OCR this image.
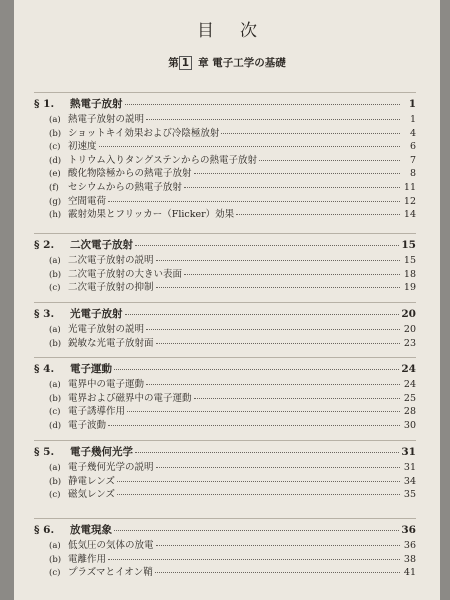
目次
第 1 章 電子工学の基礎
§ 1.	熱電子放射	1
(a) 熱電子放射の説明	1
(b) ショットキイ効果および冷陰極放射	4
(c) 初速度	6
(d) トリウム入りタングステンからの熱電子放射	7
(e) 酸化物陰極からの熱電子放射	8
(f) セシウムからの熱電子放射	11
(g) 空間電荷	12
(h) 霰射効果とフリッカー（Flicker）効果	14
§ 2.	二次電子放射	15
(a) 二次電子放射の説明	15
(b) 二次電子放射の大きい表面	18
(c) 二次電子放射の抑制	19
§ 3.	光電子放射	20
(a) 光電子放射の説明	20
(b) 鋭敏な光電子放射面	23
§ 4.	電子運動	24
(a) 電界中の電子運動	24
(b) 電界および磁界中の電子運動	25
(c) 電子誘導作用	28
(d) 電子波動	30
§ 5.	電子幾何光学	31
(a) 電子幾何光学の説明	31
(b) 静電レンズ	34
(c) 磁気レンズ	35
§ 6.	放電現象	36
(a) 低気圧の気体の放電	36
(b) 電離作用	38
(c) プラズマとイオン鞘	41
